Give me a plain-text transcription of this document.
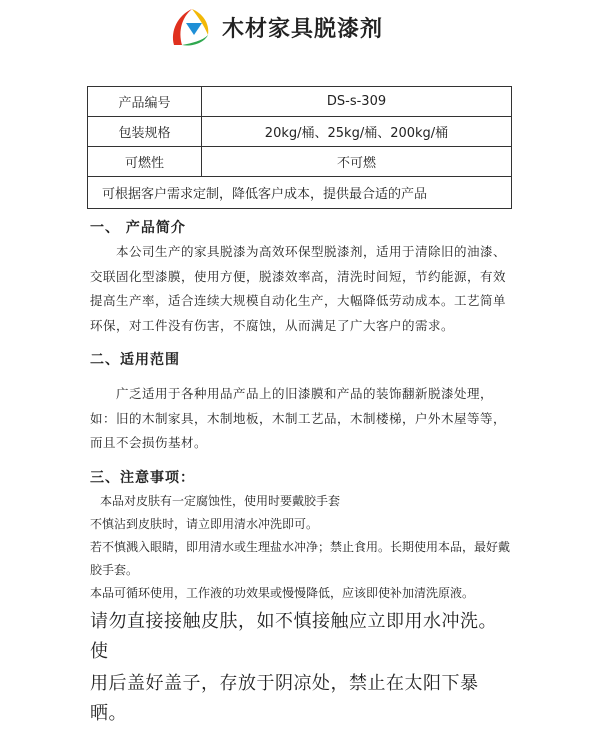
木材家具脱漆剂
产品编号	DS-s-309
包装规格	20kg/桶、25kg/桶、200kg/桶
可燃性	不可燃
可根据客户需求定制，降低客户成本，提供最合适的产品	
一、 产品简介

本公司生产的家具脱漆为高效环保型脱漆剂，适用于清除旧的油漆、交联固化型漆膜，使用方便，脱漆效率高，清洗时间短，节约能源，有效提高生产率，适合连续大规模自动化生产，大幅降低劳动成本。工艺简单环保，对工件没有伤害，不腐蚀，从而满足了广大客户的需求。

二、适用范围

广乏适用于各种用品产品上的旧漆膜和产品的装饰翻新脱漆处理，如：旧的木制家具，木制地板，木制工艺品，木制楼梯，户外木屋等等，而且不会损伤基材。

三、注意事项：
本品对皮肤有一定腐蚀性，使用时要戴胶手套
不慎沾到皮肤时，请立即用清水冲洗即可。
若不慎溅入眼睛，即用清水或生理盐水冲净；禁止食用。长期使用本品，最好戴
胶手套。
本品可循环使用，工作液的功效果或慢慢降低，应该即使补加清洗原液。
请勿直接接触皮肤，如不慎接触应立即用水冲洗。使
用后盖好盖子，存放于阴凉处，禁止在太阳下暴晒。
